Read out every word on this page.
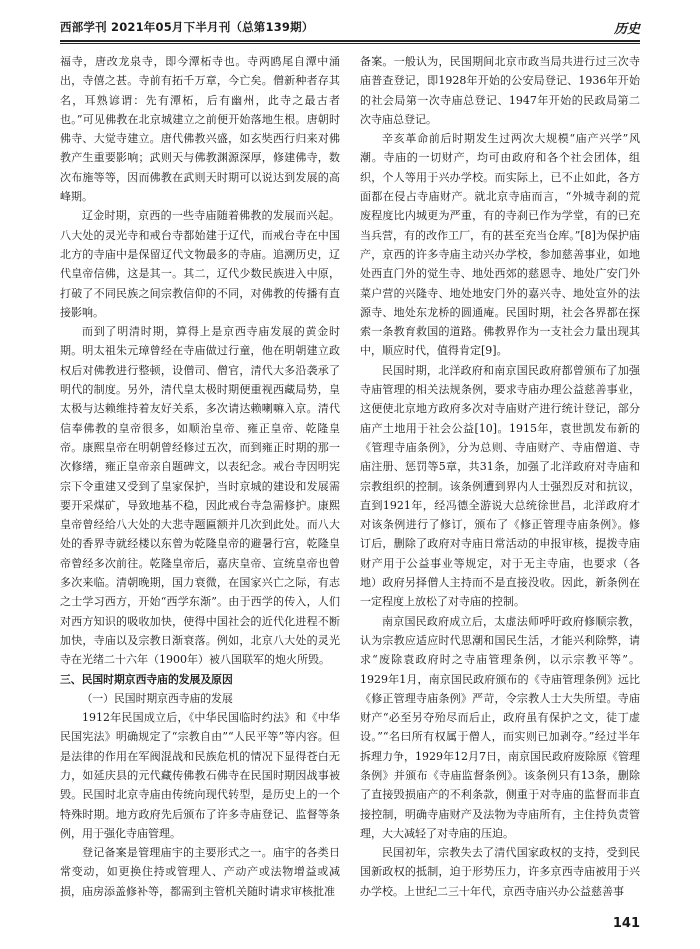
西部学刊 2021年05月下半月刊（总第139期）	历史

福寺，唐改龙泉寺，即今潭柘寺也。寺两鸥尾自潭中涌出，寺僖之甚。寺前有拓千万章，今亡矣。僧新种者存其名，耳熟谚谓：先有潭柘，后有幽州，此寺之最古者也。”可见佛教在北京城建立之前便开始落地生根。唐朝时佛寺、大觉寺建立。唐代佛教兴盛，如玄奘西行归来对佛教产生重要影响；武则天与佛教渊源深厚，修建佛寺，数次布施等等，因而佛教在武则天时期可以说达到发展的高峰期。

辽金时期，京西的一些寺庙随着佛教的发展而兴起。八大处的灵光寺和戒台寺都始建于辽代，而戒台寺在中国北方的寺庙中是保留辽代文物最多的寺庙。追溯历史，辽代皇帝信佛，这是其一。其二，辽代少数民族进入中原，打破了不同民族之间宗教信仰的不同，对佛教的传播有直接影响。

而到了明清时期，算得上是京西寺庙发展的黄金时期。明太祖朱元璋曾经在寺庙做过行童，他在明朝建立政权后对佛教进行整顿，设僧司、僧官，清代大多沿袭承了明代的制度。另外，清代皇太极时期便重视西藏局势，皇太极与达赖维持着友好关系，多次请达赖喇嘛入京。清代信奉佛教的皇帝很多，如顺治皇帝、雍正皇帝、乾隆皇帝。康熙皇帝在明朝曾经修过五次，而到雍正时期的那一次修缮，雍正皇帝亲自题碑文，以表纪念。戒台寺因明宪宗下令重建又受到了皇家保护，当时京城的建设和发展需要开采煤矿，导致地基不稳，因此戒台寺急需修护。康熙皇帝曾经给八大处的大悲寺题匾额并几次到此处。而八大处的香界寺就经楼以东曾为乾隆皇帝的避暑行宫，乾隆皇帝曾经多次前往。乾隆皇帝后，嘉庆皇帝、宣统皇帝也曾多次来临。清朝晚期，国力衰微，在国家兴亡之际，有志之士学习西方，开始“西学东渐”。由于西学的传入，人们对西方知识的吸收加快，使得中国社会的近代化进程不断加快，寺庙以及宗教日渐衰落。例如，北京八大处的灵光寺在光绪二十六年（1900年）被八国联军的炮火所毁。

三、民国时期京西寺庙的发展及原因
（一）民国时期京西寺庙的发展

1912年民国成立后，《中华民国临时约法》和《中华民国宪法》明确规定了“宗教自由”“人民平等”等内容。但是法律的作用在军阀混战和民族危机的情况下显得苍白无力，如延庆县的元代藏传佛教石佛寺在民国时期因战事被毁。民国时北京寺庙由传统向现代转型，是历史上的一个特殊时期。地方政府先后颁布了许多寺庙登记、监督等条例，用于强化寺庙管理。

登记备案是管理庙宇的主要形式之一。庙宇的各类日常变动，如更换住持或管理人、产动产或法物增益或减损，庙房添盖修补等，都需到主管机关随时请求审核批准

备案。一般认为，民国期间北京市政当局共进行过三次寺庙普查登记，即1928年开始的公安局登记、1936年开始的社会局第一次寺庙总登记、1947年开始的民政局第二次寺庙总登记。

辛亥革命前后时期发生过两次大规模“庙产兴学”风潮。寺庙的一切财产，均可由政府和各个社会团体，组织，个人等用于兴办学校。而实际上，已不止如此，各方面都在侵占寺庙财产。就北京寺庙而言，“外城寺刹的荒废程度比内城更为严重，有的寺刹已作为学堂，有的已充当兵营，有的改作工厂，有的甚至充当仓库。”[8]为保护庙产，京西的许多寺庙主动兴办学校，参加慈善事业，如地处西直门外的觉生寺、地处西郊的慈恩寺、地处广安门外菜户营的兴隆寺、地处地安门外的嘉兴寺、地处宣外的法源寺、地处东龙桥的圆通庵。民国时期，社会各界都在探索一条教育救国的道路。佛教界作为一支社会力量出现其中，顺应时代，值得肯定[9]。

民国时期，北洋政府和南京国民政府都曾颁布了加强寺庙管理的相关法规条例，要求寺庙办理公益慈善事业，这便使北京地方政府多次对寺庙财产进行统计登记，部分庙产土地用于社会公益[10]。1915年，袁世凯发布新的《管理寺庙条例》，分为总则、寺庙财产、寺庙僧道、寺庙注册、惩罚等5章，共31条，加强了北洋政府对寺庙和宗教组织的控制。该条例遭到界内人士强烈反对和抗议，直到1921年，经冯德全游说大总统徐世昌，北洋政府才对该条例进行了修订，颁布了《修正管理寺庙条例》。修订后，删除了政府对寺庙日常活动的申报审核，提拨寺庙财产用于公益事业等规定，对于无主寺庙，也要求（各地）政府另择僧人主持而不是直接没收。因此，新条例在一定程度上放松了对寺庙的控制。

南京国民政府成立后，太虚法师呼吁政府修顺宗教，认为宗教应适应时代思潮和国民生活，才能兴利除弊，请求“废除袁政府时之寺庙管理条例，以示宗教平等”。1929年1月，南京国民政府颁布的《寺庙管理条例》远比《修正管理寺庙条例》严苛，令宗教人士大失所望。寺庙财产“必至另夺殆尽而后止，政府虽有保护之文，徒丁虚设。”“名曰所有权属于僧人，而实则已加剥夺。”经过半年拆理力争，1929年12月7日，南京国民政府废除原《管理条例》并颁布《寺庙监督条例》。该条例只有13条，删除了直接毁损庙产的不利条款，侧重于对寺庙的监督而非直接控制，明确寺庙财产及法物为寺庙所有，主住持负责管理，大大减轻了对寺庙的压迫。

民国初年，宗教失去了清代国家政权的支持，受到民国新政权的抵制，迫于形势压力，许多京西寺庙被用于兴办学校。上世纪二三十年代，京西寺庙兴办公益慈善事

141
